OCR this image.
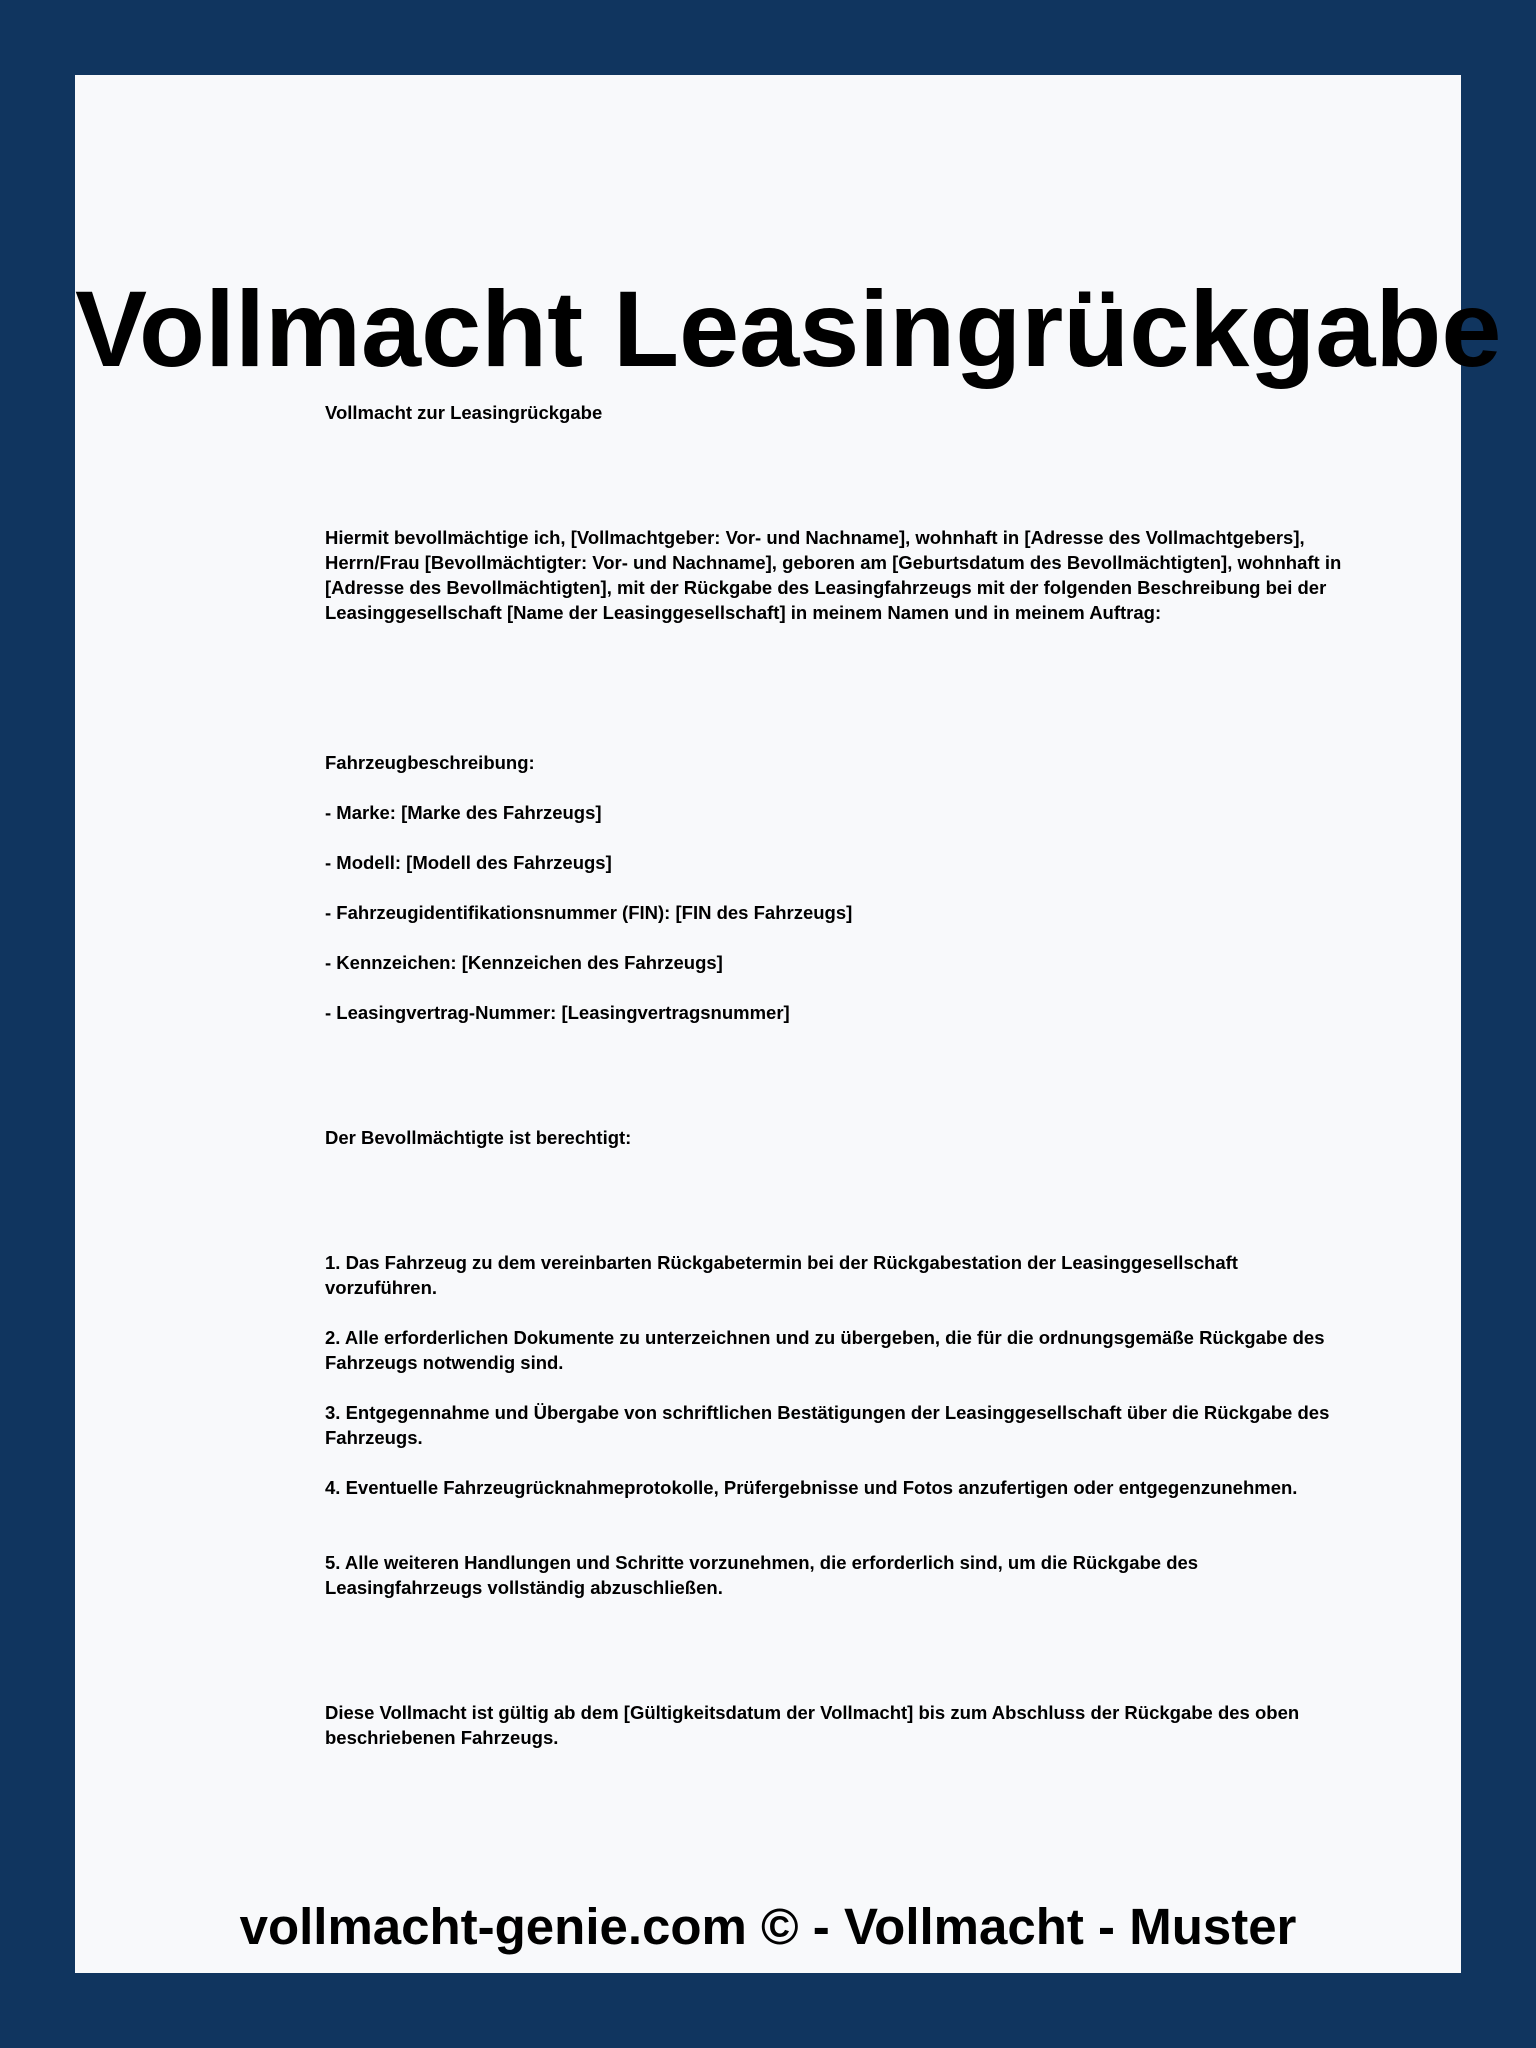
Vollmacht Leasingrückgabe

Vollmacht zur Leasingrückgabe

Hiermit bevollmächtige ich, [Vollmachtgeber: Vor- und Nachname], wohnhaft in [Adresse des Vollmachtgebers], Herrn/Frau [Bevollmächtigter: Vor- und Nachname], geboren am [Geburtsdatum des Bevollmächtigten], wohnhaft in [Adresse des Bevollmächtigten], mit der Rückgabe des Leasingfahrzeugs mit der folgenden Beschreibung bei der Leasinggesellschaft [Name der Leasinggesellschaft] in meinem Namen und in meinem Auftrag:

Fahrzeugbeschreibung:

- Marke: [Marke des Fahrzeugs]

- Modell: [Modell des Fahrzeugs]

- Fahrzeugidentifikationsnummer (FIN): [FIN des Fahrzeugs]

- Kennzeichen: [Kennzeichen des Fahrzeugs]

- Leasingvertrag-Nummer: [Leasingvertragsnummer]

Der Bevollmächtigte ist berechtigt:

1. Das Fahrzeug zu dem vereinbarten Rückgabetermin bei der Rückgabestation der Leasinggesellschaft vorzuführen.

2. Alle erforderlichen Dokumente zu unterzeichnen und zu übergeben, die für die ordnungsgemäße Rückgabe des Fahrzeugs notwendig sind.

3. Entgegennahme und Übergabe von schriftlichen Bestätigungen der Leasinggesellschaft über die Rückgabe des Fahrzeugs.

4. Eventuelle Fahrzeugrücknahmeprotokolle, Prüfergebnisse und Fotos anzufertigen oder entgegenzunehmen.

5. Alle weiteren Handlungen und Schritte vorzunehmen, die erforderlich sind, um die Rückgabe des Leasingfahrzeugs vollständig abzuschließen.

Diese Vollmacht ist gültig ab dem [Gültigkeitsdatum der Vollmacht] bis zum Abschluss der Rückgabe des oben beschriebenen Fahrzeugs.

vollmacht-genie.com © - Vollmacht - Muster
